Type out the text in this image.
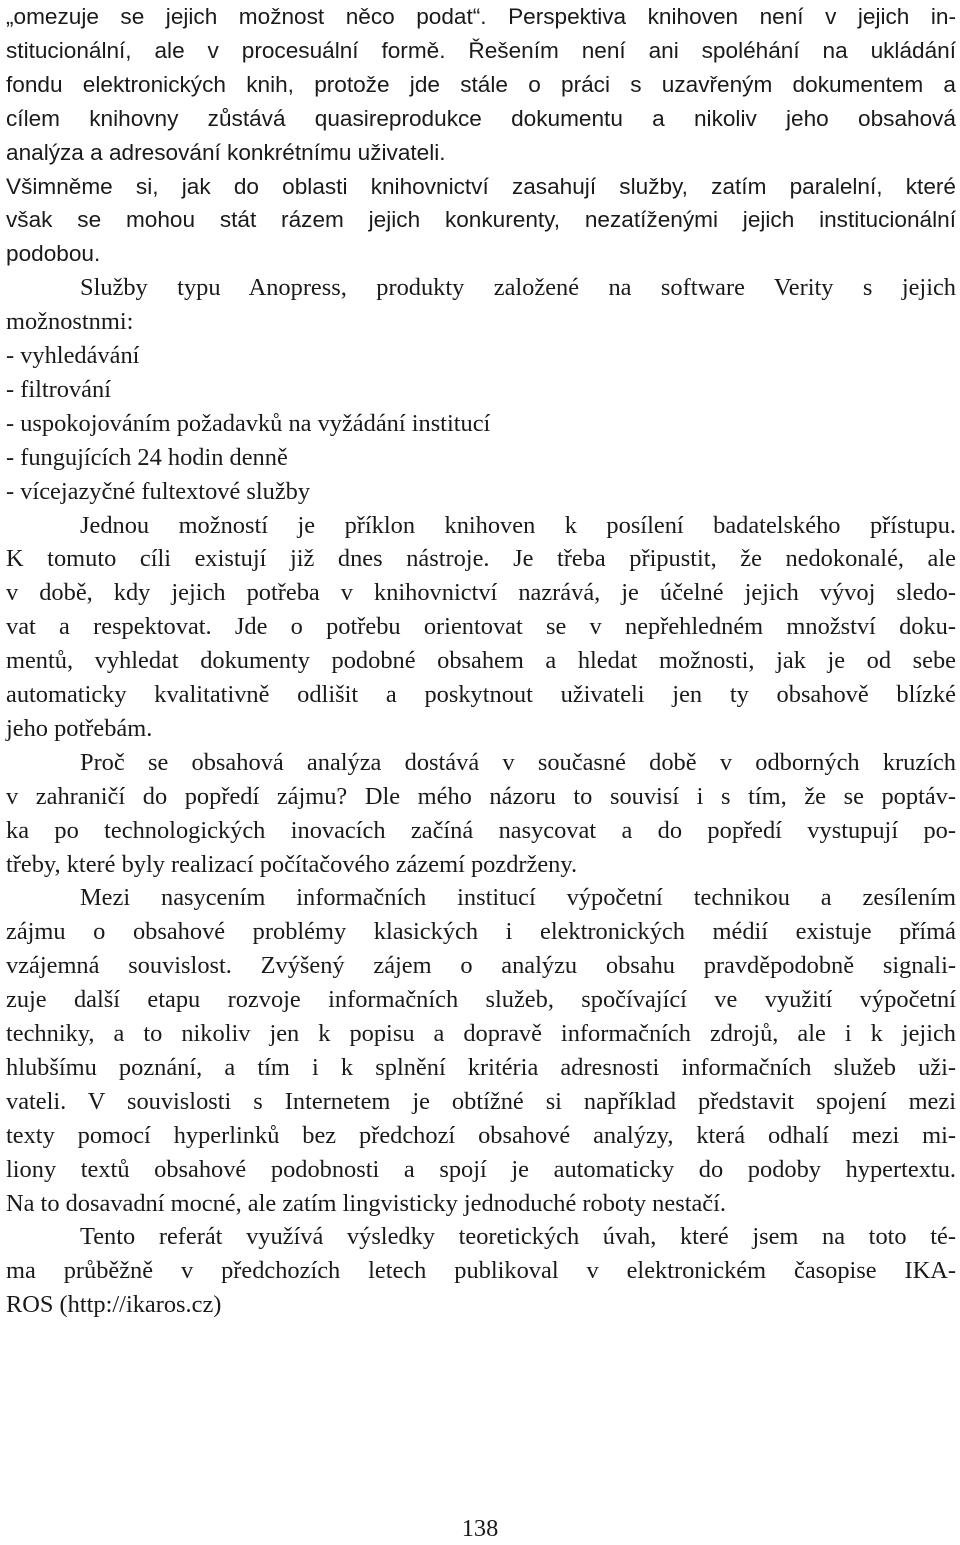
„omezuje se jejich možnost něco podat“. Perspektiva knihoven není v jejich in-
stitucionální, ale v procesuální formě. Řešením není ani spoléhání na ukládání
fondu elektronických knih, protože jde stále o práci s uzavřeným dokumentem a
cílem knihovny zůstává quasireprodukce dokumentu a nikoliv jeho obsahová
analýza a adresování konkrétnímu uživateli.
Všimněme si, jak do oblasti knihovnictví zasahují služby, zatím paralelní, které
však se mohou stát rázem jejich konkurenty, nezatíženými jejich institucionální
podobou.
Služby typu Anopress, produkty založené na software Verity s jejich
možnostnmi:
- vyhledávání
- filtrování
- uspokojováním požadavků na vyžádání institucí
- fungujících 24 hodin denně
- vícejazyčné fultextové služby
Jednou možností je příklon knihoven k posílení badatelského přístupu.
K tomuto cíli existují již dnes nástroje. Je třeba připustit, že nedokonalé, ale
v době, kdy jejich potřeba v knihovnictví nazrává, je účelné jejich vývoj sledo-
vat a respektovat. Jde o potřebu orientovat se v nepřehledném množství doku-
mentů, vyhledat dokumenty podobné obsahem a hledat možnosti, jak je od sebe
automaticky kvalitativně odlišit a poskytnout uživateli jen ty obsahově blízké
jeho potřebám.
Proč se obsahová analýza dostává v současné době v odborných kruzích
v zahraničí do popředí zájmu? Dle mého názoru to souvisí i s tím, že se poptáv-
ka po technologických inovacích začíná nasycovat a do popředí vystupují po-
třeby, které byly realizací počítačového zázemí pozdrženy.
Mezi nasycením informačních institucí výpočetní technikou a zesílením
zájmu o obsahové problémy klasických i elektronických médií existuje přímá
vzájemná souvislost. Zvýšený zájem o analýzu obsahu pravděpodobně signali-
zuje další etapu rozvoje informačních služeb, spočívající ve využití výpočetní
techniky, a to nikoliv jen k popisu a dopravě informačních zdrojů, ale i k jejich
hlubšímu poznání, a tím i k splnění kritéria adresnosti informačních služeb uži-
vateli. V souvislosti s Internetem je obtížné si například představit spojení mezi
texty pomocí hyperlinků bez předchozí obsahové analýzy, která odhalí mezi mi-
liony textů obsahové podobnosti a spojí je automaticky do podoby hypertextu.
Na to dosavadní mocné, ale zatím lingvisticky jednoduché roboty nestačí.
Tento referát využívá výsledky teoretických úvah, které jsem na toto té-
ma průběžně v předchozích letech publikoval v elektronickém časopise IKA-
ROS (http://ikaros.cz)
138
